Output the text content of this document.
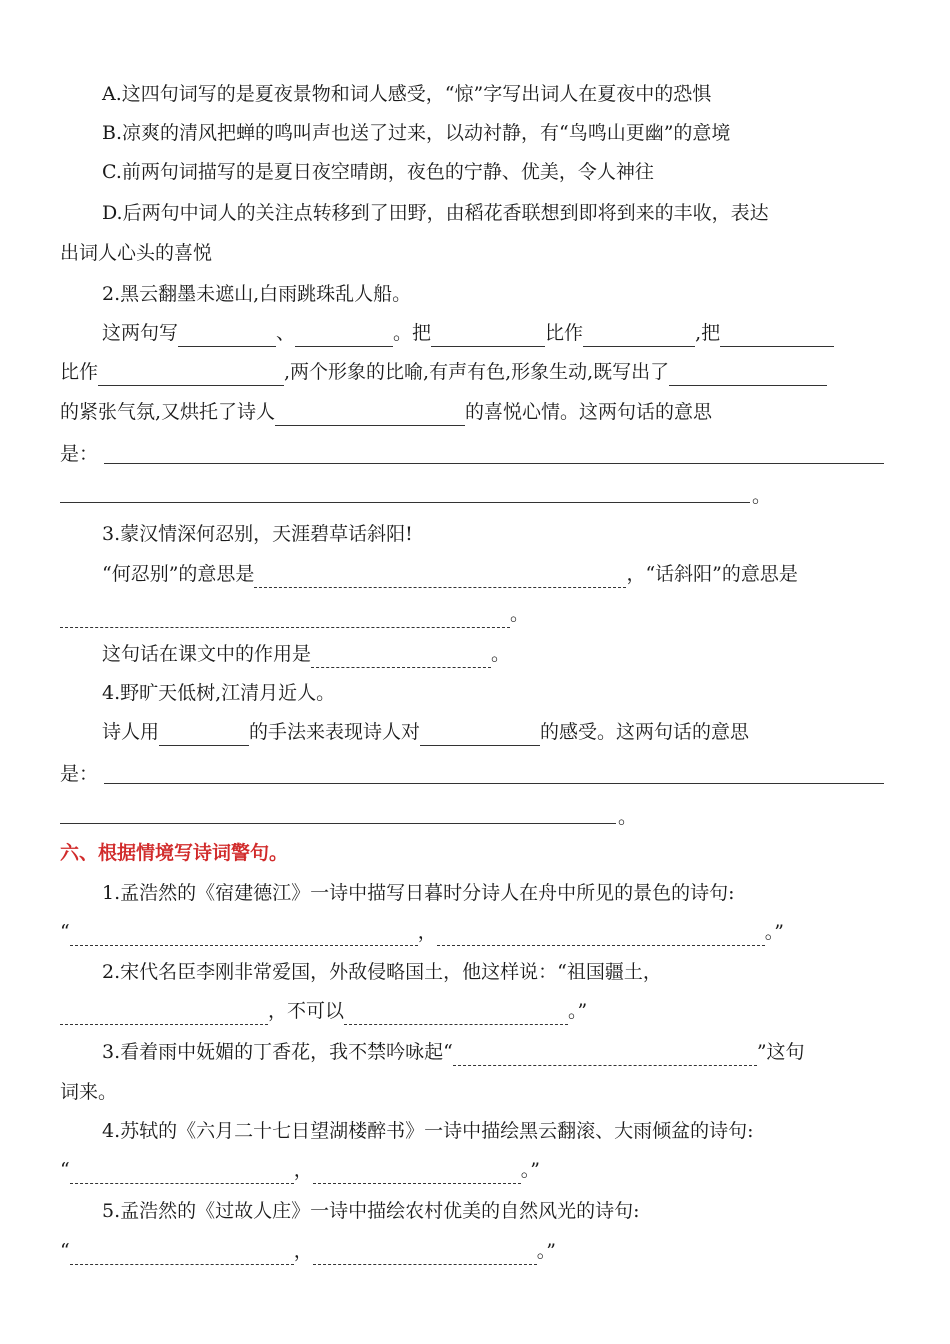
A.这四句词写的是夏夜景物和词人感受，“惊”字写出词人在夏夜中的恐惧
B.凉爽的清风把蝉的鸣叫声也送了过来，以动衬静，有“鸟鸣山更幽”的意境
C.前两句词描写的是夏日夜空晴朗，夜色的宁静、优美，令人神往
D.后两句中词人的关注点转移到了田野，由稻花香联想到即将到来的丰收，表达
出词人心头的喜悦
2.黑云翻墨未遮山,白雨跳珠乱人船。
这两句写	、	。把	比作	,把
比作	,两个形象的比喻,有声有色,形象生动,既写出了
的紧张气氛,又烘托了诗人	的喜悦心情。这两句话的意思
是：
。
3.蒙汉情深何忍别，天涯碧草话斜阳!
“何忍别”的意思是	，“话斜阳”的意思是
。
这句话在课文中的作用是	。
4.野旷天低树,江清月近人。
诗人用	的手法来表现诗人对	的感受。这两句话的意思
是：
。
六、根据情境写诗词警句。
1.孟浩然的《宿建德江》一诗中描写日暮时分诗人在舟中所见的景色的诗句:
“	，	。”
2.宋代名臣李刚非常爱国，外敌侵略国土，他这样说：“祖国疆土，
，不可以	。”
3.看着雨中妩媚的丁香花，我不禁吟咏起“	”这句
词来。
4.苏轼的《六月二十七日望湖楼醉书》一诗中描绘黑云翻滚、大雨倾盆的诗句:
“	，	。”
5.孟浩然的《过故人庄》一诗中描绘农村优美的自然风光的诗句:
“	，	。”
